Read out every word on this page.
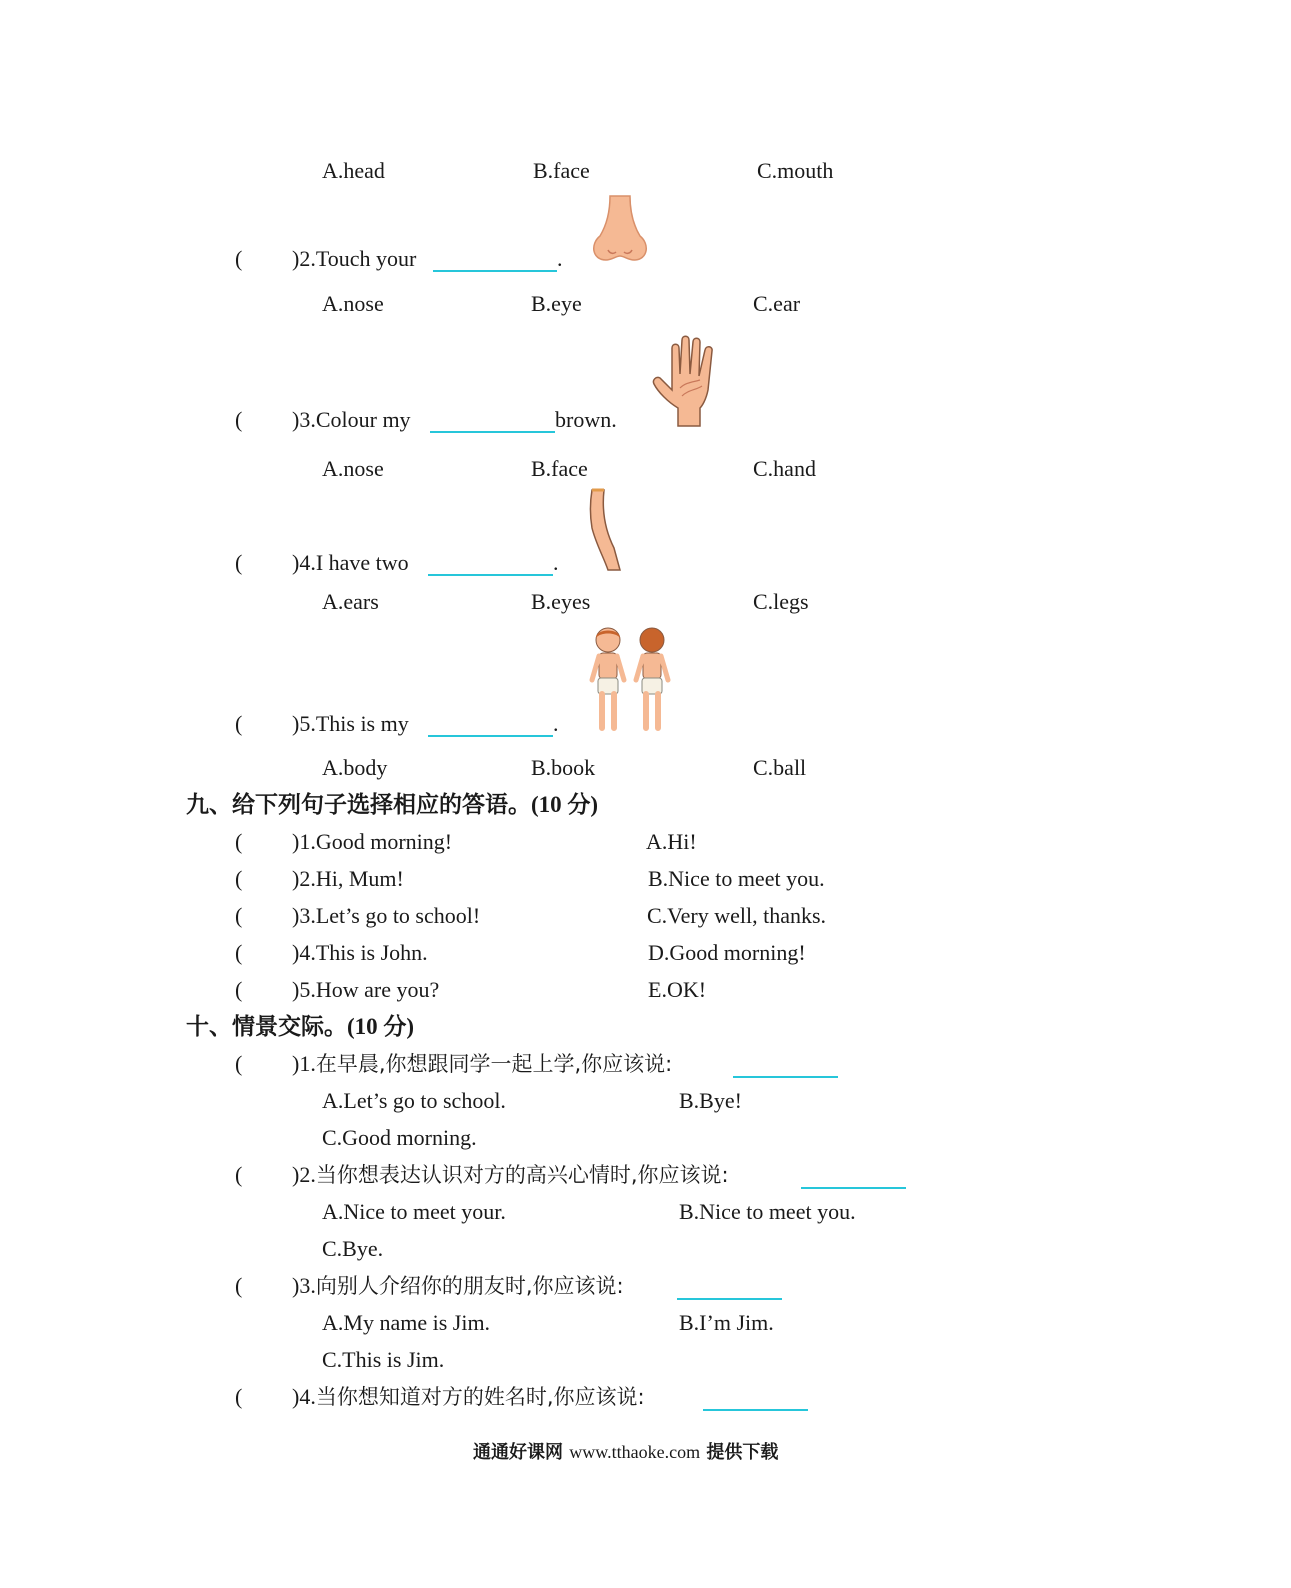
A.head	B.face	C.mouth
( )2.Touch your	.
A.nose	B.eye	C.ear
( )3.Colour my	brown.
A.nose	B.face	C.hand
( )4.I have two	.
A.ears	B.eyes	C.legs
( )5.This is my	.
A.body	B.book	C.ball
九、给下列句子选择相应的答语。(10 分)
( )1.Good morning!	A.Hi!
( )2.Hi, Mum!	B.Nice to meet you.
( )3.Let’s go to school!	C.Very well, thanks.
( )4.This is John.	D.Good morning!
( )5.How are you?	E.OK!
十、情景交际。(10 分)
( )1.在早晨,你想跟同学一起上学,你应该说:
A.Let’s go to school.	B.Bye!
C.Good morning.
( )2.当你想表达认识对方的高兴心情时,你应该说:
A.Nice to meet your.	B.Nice to meet you.
C.Bye.
( )3.向别人介绍你的朋友时,你应该说:
A.My name is Jim.	B.I’m Jim.
C.This is Jim.
( )4.当你想知道对方的姓名时,你应该说:
通通好课网 www.tthaoke.com 提供下载
